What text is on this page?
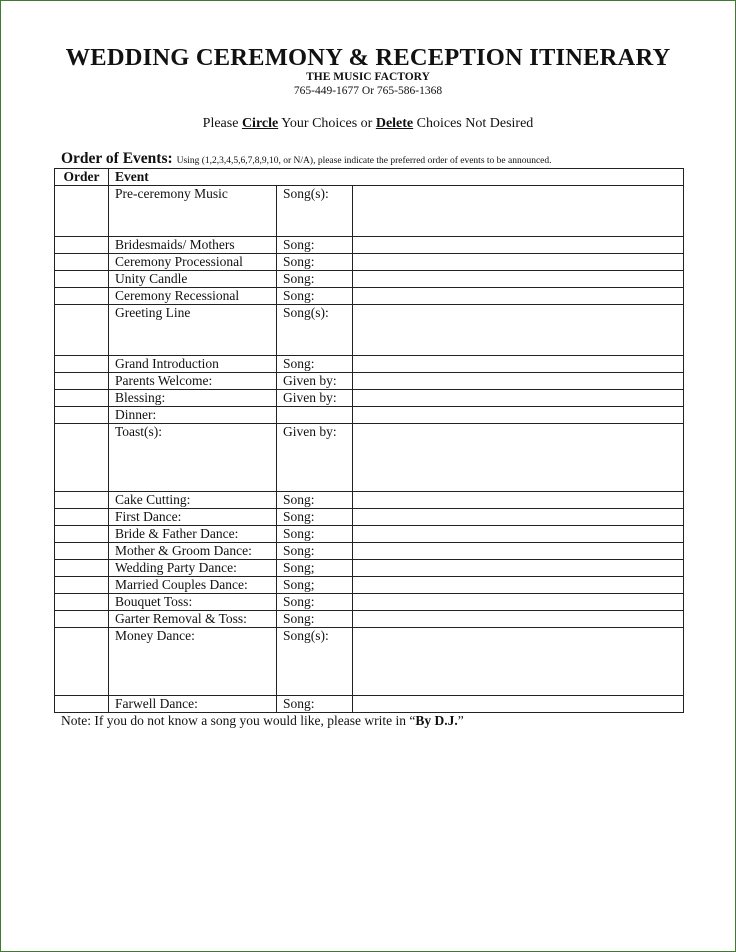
WEDDING CEREMONY & RECEPTION ITINERARY
THE MUSIC FACTORY
765-449-1677 Or 765-586-1368
Please Circle Your Choices or Delete Choices Not Desired
Order of Events: Using (1,2,3,4,5,6,7,8,9,10, or N/A), please indicate the preferred order of events to be announced.
Order	Event		
	Pre-ceremony Music	Song(s):	
	Bridesmaids/ Mothers	Song:	
	Ceremony Processional	Song:	
	Unity Candle	Song:	
	Ceremony Recessional	Song:	
	Greeting Line	Song(s):	
	Grand Introduction	Song:	
	Parents Welcome:	Given by:	
	Blessing:	Given by:	
	Dinner:		
	Toast(s):	Given by:	
	Cake Cutting:	Song:	
	First Dance:	Song:	
	Bride & Father Dance:	Song:	
	Mother & Groom Dance:	Song:	
	Wedding Party Dance:	Song;	
	Married Couples Dance:	Song;	
	Bouquet Toss:	Song:	
	Garter Removal & Toss:	Song:	
	Money Dance:	Song(s):	
	Farwell Dance:	Song:	
Note: If you do not know a song you would like, please write in “By D.J.”
